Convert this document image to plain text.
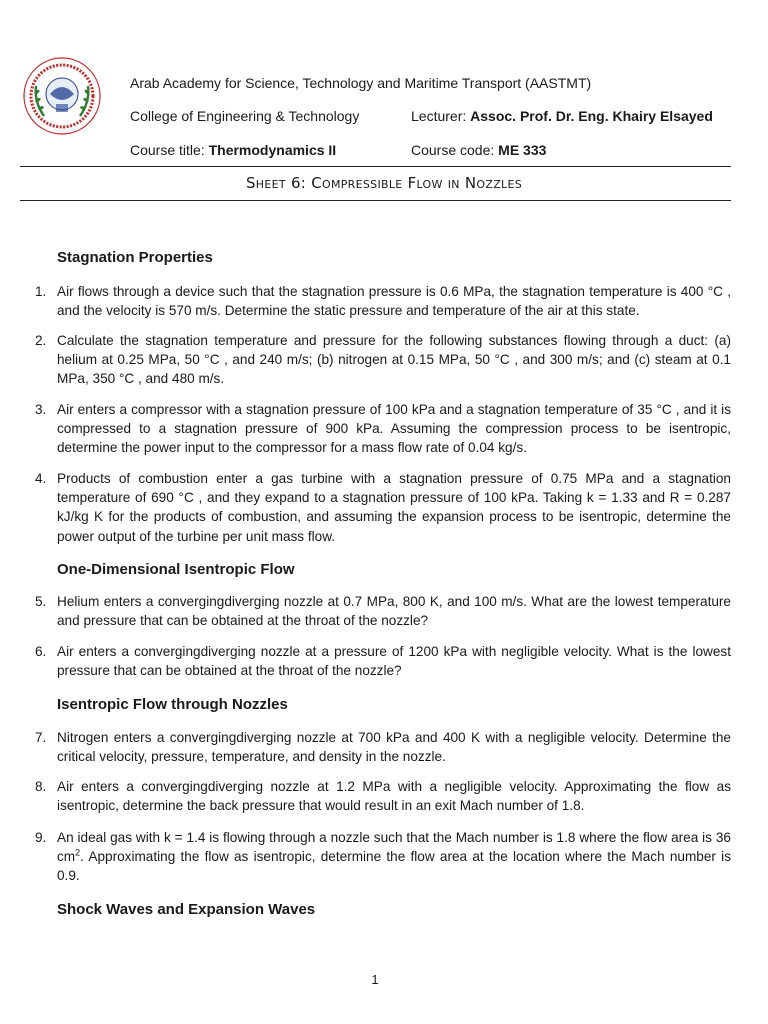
Arab Academy for Science, Technology and Maritime Transport (AASTMT)
College of Engineering & Technology	Lecturer: Assoc. Prof. Dr. Eng. Khairy Elsayed
Course title: Thermodynamics II	Course code: ME 333
Sheet 6: Compressible Flow in Nozzles
Stagnation Properties
1. Air flows through a device such that the stagnation pressure is 0.6 MPa, the stagnation temperature is 400 °C , and the velocity is 570 m/s. Determine the static pressure and temperature of the air at this state.
2. Calculate the stagnation temperature and pressure for the following substances flowing through a duct: (a) helium at 0.25 MPa, 50 °C , and 240 m/s; (b) nitrogen at 0.15 MPa, 50 °C , and 300 m/s; and (c) steam at 0.1 MPa, 350 °C , and 480 m/s.
3. Air enters a compressor with a stagnation pressure of 100 kPa and a stagnation temperature of 35 °C , and it is compressed to a stagnation pressure of 900 kPa. Assuming the compression process to be isentropic, determine the power input to the compressor for a mass flow rate of 0.04 kg/s.
4. Products of combustion enter a gas turbine with a stagnation pressure of 0.75 MPa and a stagnation temperature of 690 °C , and they expand to a stagnation pressure of 100 kPa. Taking k = 1.33 and R = 0.287 kJ/kg K for the products of combustion, and assuming the expansion process to be isentropic, determine the power output of the turbine per unit mass flow.
One-Dimensional Isentropic Flow
5. Helium enters a convergingdiverging nozzle at 0.7 MPa, 800 K, and 100 m/s. What are the lowest temperature and pressure that can be obtained at the throat of the nozzle?
6. Air enters a convergingdiverging nozzle at a pressure of 1200 kPa with negligible velocity. What is the lowest pressure that can be obtained at the throat of the nozzle?
Isentropic Flow through Nozzles
7. Nitrogen enters a convergingdiverging nozzle at 700 kPa and 400 K with a negligible velocity. Determine the critical velocity, pressure, temperature, and density in the nozzle.
8. Air enters a convergingdiverging nozzle at 1.2 MPa with a negligible velocity. Approximating the flow as isentropic, determine the back pressure that would result in an exit Mach number of 1.8.
9. An ideal gas with k = 1.4 is flowing through a nozzle such that the Mach number is 1.8 where the flow area is 36 $cm^2$. Approximating the flow as isentropic, determine the flow area at the location where the Mach number is 0.9.
Shock Waves and Expansion Waves
1
